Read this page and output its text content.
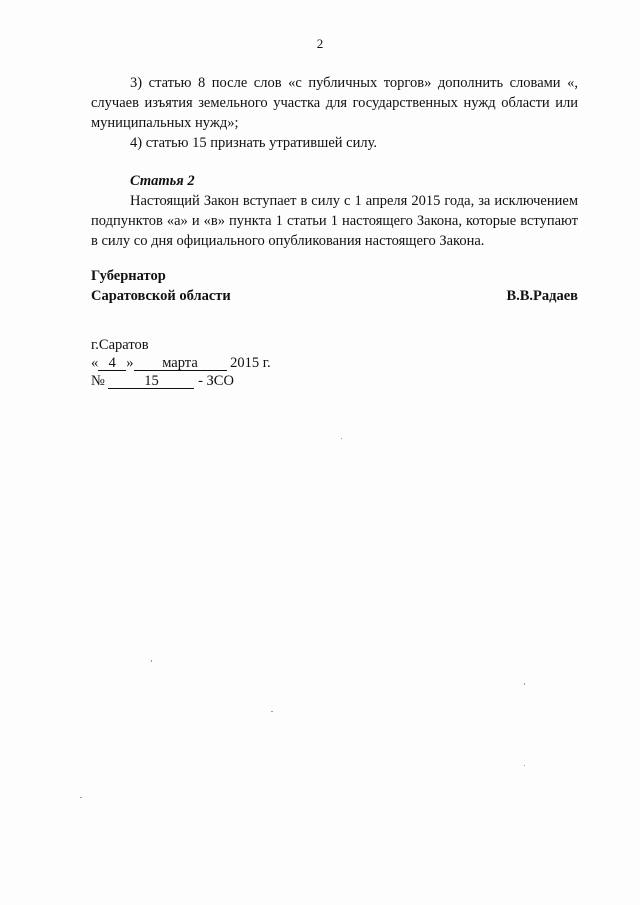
2

3) статью 8 после слов «с публичных торгов» дополнить словами «, случаев изъятия земельного участка для государственных нужд области или муниципальных нужд»;

4) статью 15 признать утратившей силу.

Статья 2

Настоящий Закон вступает в силу с 1 апреля 2015 года, за исключением подпунктов «а» и «в» пункта 1 статьи 1 настоящего Закона, которые вступают в силу со дня официального опубликования настоящего Закона.

Губернатор
Саратовской области	В.В.Радаев
г.Саратов
« 4 » марта 2015 г.
№	15	- ЗСО
